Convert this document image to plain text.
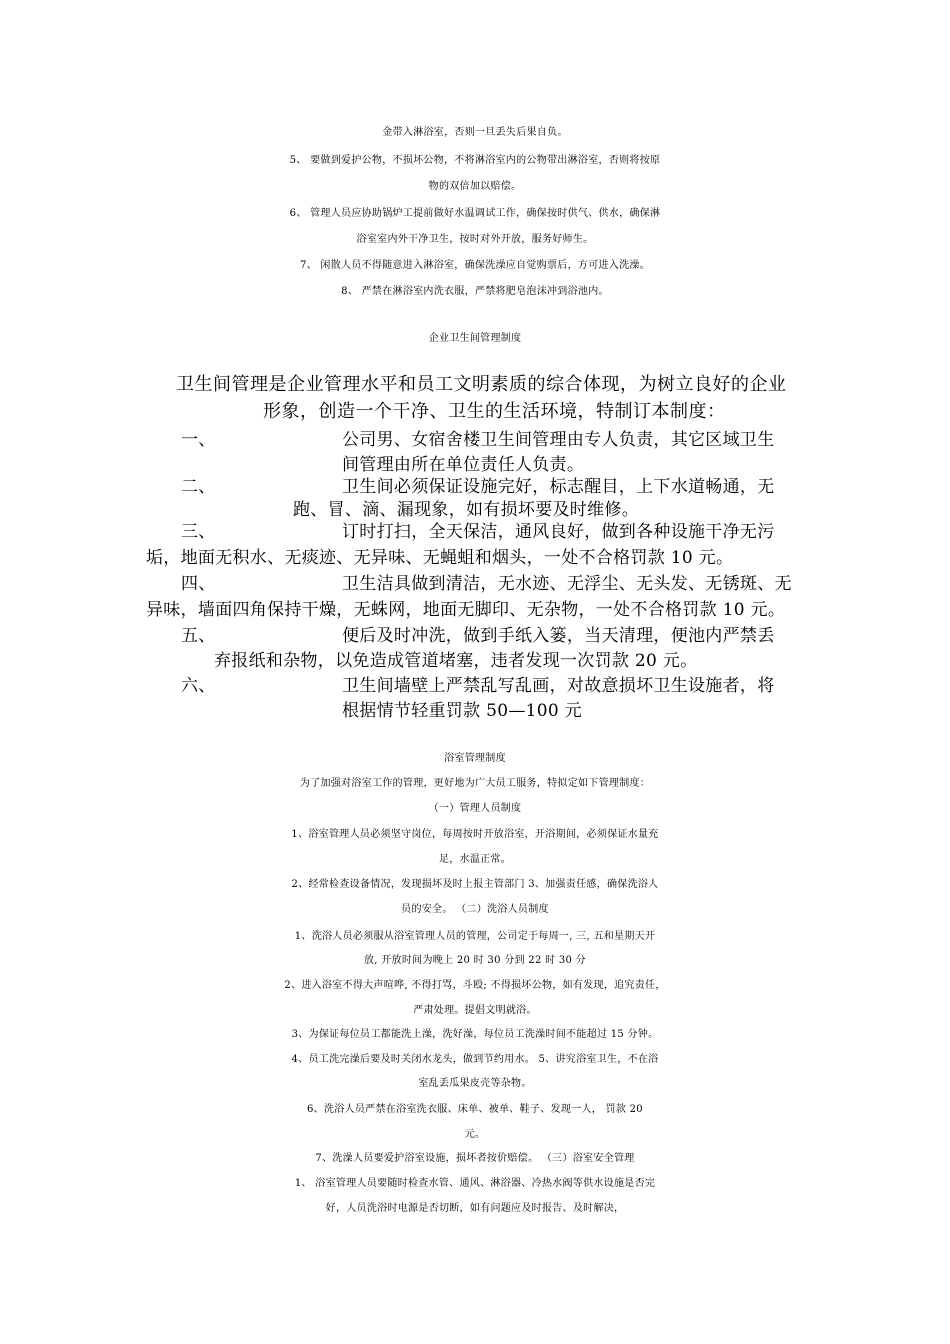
金带入淋浴室，否则一旦丢失后果自负。
5、 要做到爱护公物，不损坏公物，不将淋浴室内的公物带出淋浴室，否则将按原
物的双倍加以赔偿。
6、 管理人员应协助锅炉工提前做好水温调试工作，确保按时供气、供水，确保淋
浴室室内外干净卫生，按时对外开放，服务好师生。
7、 闲散人员不得随意进入淋浴室，确保洗澡应自觉购票后，方可进入洗澡。
8、 严禁在淋浴室内洗衣服，严禁将肥皂泡沫冲到浴池内。
企业卫生间管理制度
卫生间管理是企业管理水平和员工文明素质的综合体现，为树立良好的企业
形象，创造一个干净、卫生的生活环境，特制订本制度：
一、	公司男、女宿舍楼卫生间管理由专人负责，其它区域卫生
间管理由所在单位责任人负责。
二、	卫生间必须保证设施完好，标志醒目，上下水道畅通，无
跑、冒、滴、漏现象，如有损坏要及时维修。
三、	订时打扫，全天保洁，通风良好，做到各种设施干净无污
垢，地面无积水、无痰迹、无异味、无蝇蛆和烟头，一处不合格罚款 10 元。
四、	卫生洁具做到清洁，无水迹、无浮尘、无头发、无锈斑、无
异味，墙面四角保持干燥，无蛛网，地面无脚印、无杂物，一处不合格罚款 10 元。
五、	便后及时冲洗，做到手纸入篓，当天清理，便池内严禁丢
弃报纸和杂物，以免造成管道堵塞，违者发现一次罚款 20 元。
六、	卫生间墙壁上严禁乱写乱画，对故意损坏卫生设施者，将
根据情节轻重罚款 50—100 元
浴室管理制度
为了加强对浴室工作的管理，更好地为广大员工服务，特拟定如下管理制度：
（一）管理人员制度
1、浴室管理人员必须坚守岗位，每周按时开放浴室，开浴期间，必须保证水量充
足，水温正常。
2、经常检查设备情况，发现损坏及时上报主管部门 3、加强责任感，确保洗浴人
员的安全。 （二）洗浴人员制度
1、洗浴人员必须服从浴室管理人员的管理，公司定于每周一, 三, 五和星期天开
放, 开放时间为晚上 20 时 30 分到 22 时 30 分
2、进入浴室不得大声喧哗, 不得打骂，斗殴; 不得损坏公物，如有发现，追究责任，
严肃处理。提倡文明就浴。
3、为保证每位员工都能洗上澡，洗好澡，每位员工洗澡时间不能超过 15 分钟。
4、员工洗完澡后要及时关闭水龙头，做到节约用水。 5、讲究浴室卫生，不在浴
室乱丢瓜果皮壳等杂物。
6、洗浴人员严禁在浴室洗衣服、床单、被单、鞋子、发现一人， 罚款 20
元。
7、洗澡人员要爱护浴室设施，损坏者按价赔偿。 （三）浴室安全管理
1、 浴室管理人员要随时检查水管、通风、淋浴器、冷热水阀等供水设施是否完
好，人员洗浴时电源是否切断，如有问题应及时报告、及时解决，
